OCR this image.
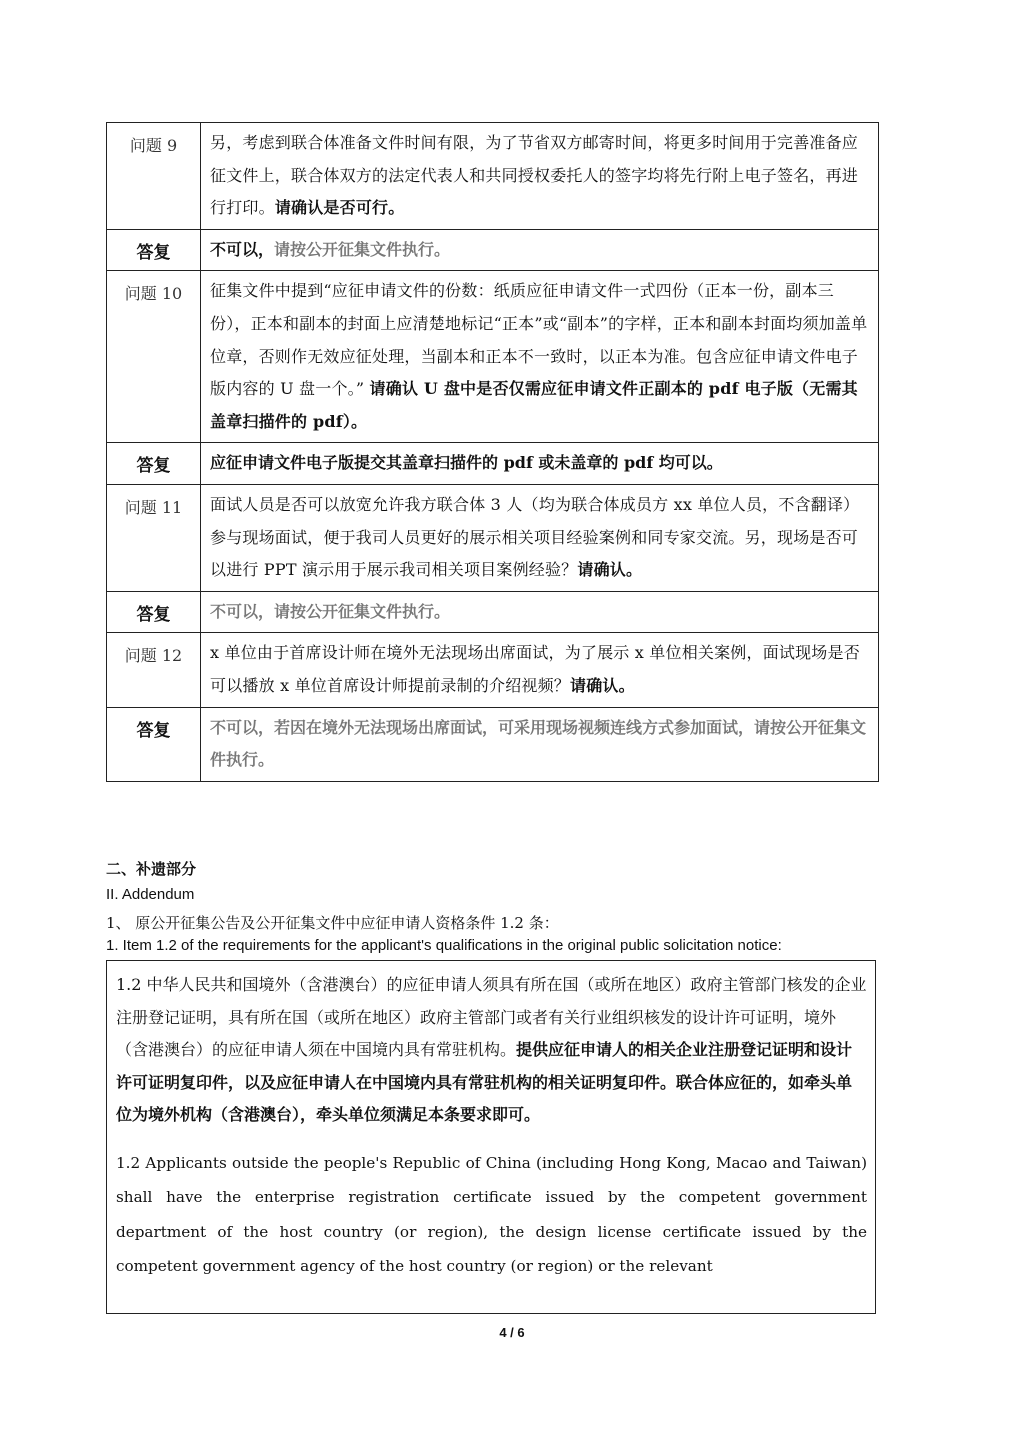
问题 9	另，考虑到联合体准备文件时间有限，为了节省双方邮寄时间，将更多时间用于完善准备应征文件上，联合体双方的法定代表人和共同授权委托人的签字均将先行附上电子签名，再进行打印。请确认是否可行。
答复	不可以，请按公开征集文件执行。
问题 10	征集文件中提到“应征申请文件的份数：纸质应征申请文件一式四份（正本一份，副本三份），正本和副本的封面上应清楚地标记“正本”或“副本”的字样，正本和副本封面均须加盖单位章，否则作无效应征处理，当副本和正本不一致时，以正本为准。包含应征申请文件电子版内容的 U 盘一个。” 请确认 U 盘中是否仅需应征申请文件正副本的 pdf 电子版（无需其盖章扫描件的 pdf）。
答复	应征申请文件电子版提交其盖章扫描件的 pdf 或未盖章的 pdf 均可以。
问题 11	面试人员是否可以放宽允许我方联合体 3 人（均为联合体成员方 xx 单位人员，不含翻译）参与现场面试，便于我司人员更好的展示相关项目经验案例和同专家交流。另，现场是否可以进行 PPT 演示用于展示我司相关项目案例经验？请确认。
答复	不可以，请按公开征集文件执行。
问题 12	x 单位由于首席设计师在境外无法现场出席面试，为了展示 x 单位相关案例，面试现场是否可以播放 x 单位首席设计师提前录制的介绍视频？请确认。
答复	不可以，若因在境外无法现场出席面试，可采用现场视频连线方式参加面试，请按公开征集文件执行。
二、补遗部分
II. Addendum
1、 原公开征集公告及公开征集文件中应征申请人资格条件 1.2 条：
1. Item 1.2 of the requirements for the applicant's qualifications in the original public solicitation notice:
1.2 中华人民共和国境外（含港澳台）的应征申请人须具有所在国（或所在地区）政府主管部门核发的企业注册登记证明，具有所在国（或所在地区）政府主管部门或者有关行业组织核发的设计许可证明，境外（含港澳台）的应征申请人须在中国境内具有常驻机构。提供应征申请人的相关企业注册登记证明和设计许可证明复印件，以及应征申请人在中国境内具有常驻机构的相关证明复印件。联合体应征的，如牵头单位为境外机构（含港澳台），牵头单位须满足本条要求即可。
1.2 Applicants outside the people's Republic of China (including Hong Kong, Macao and Taiwan) shall have the enterprise registration certificate issued by the competent government department of the host country (or region), the design license certificate issued by the competent government agency of the host country (or region) or the relevant
4 / 6
